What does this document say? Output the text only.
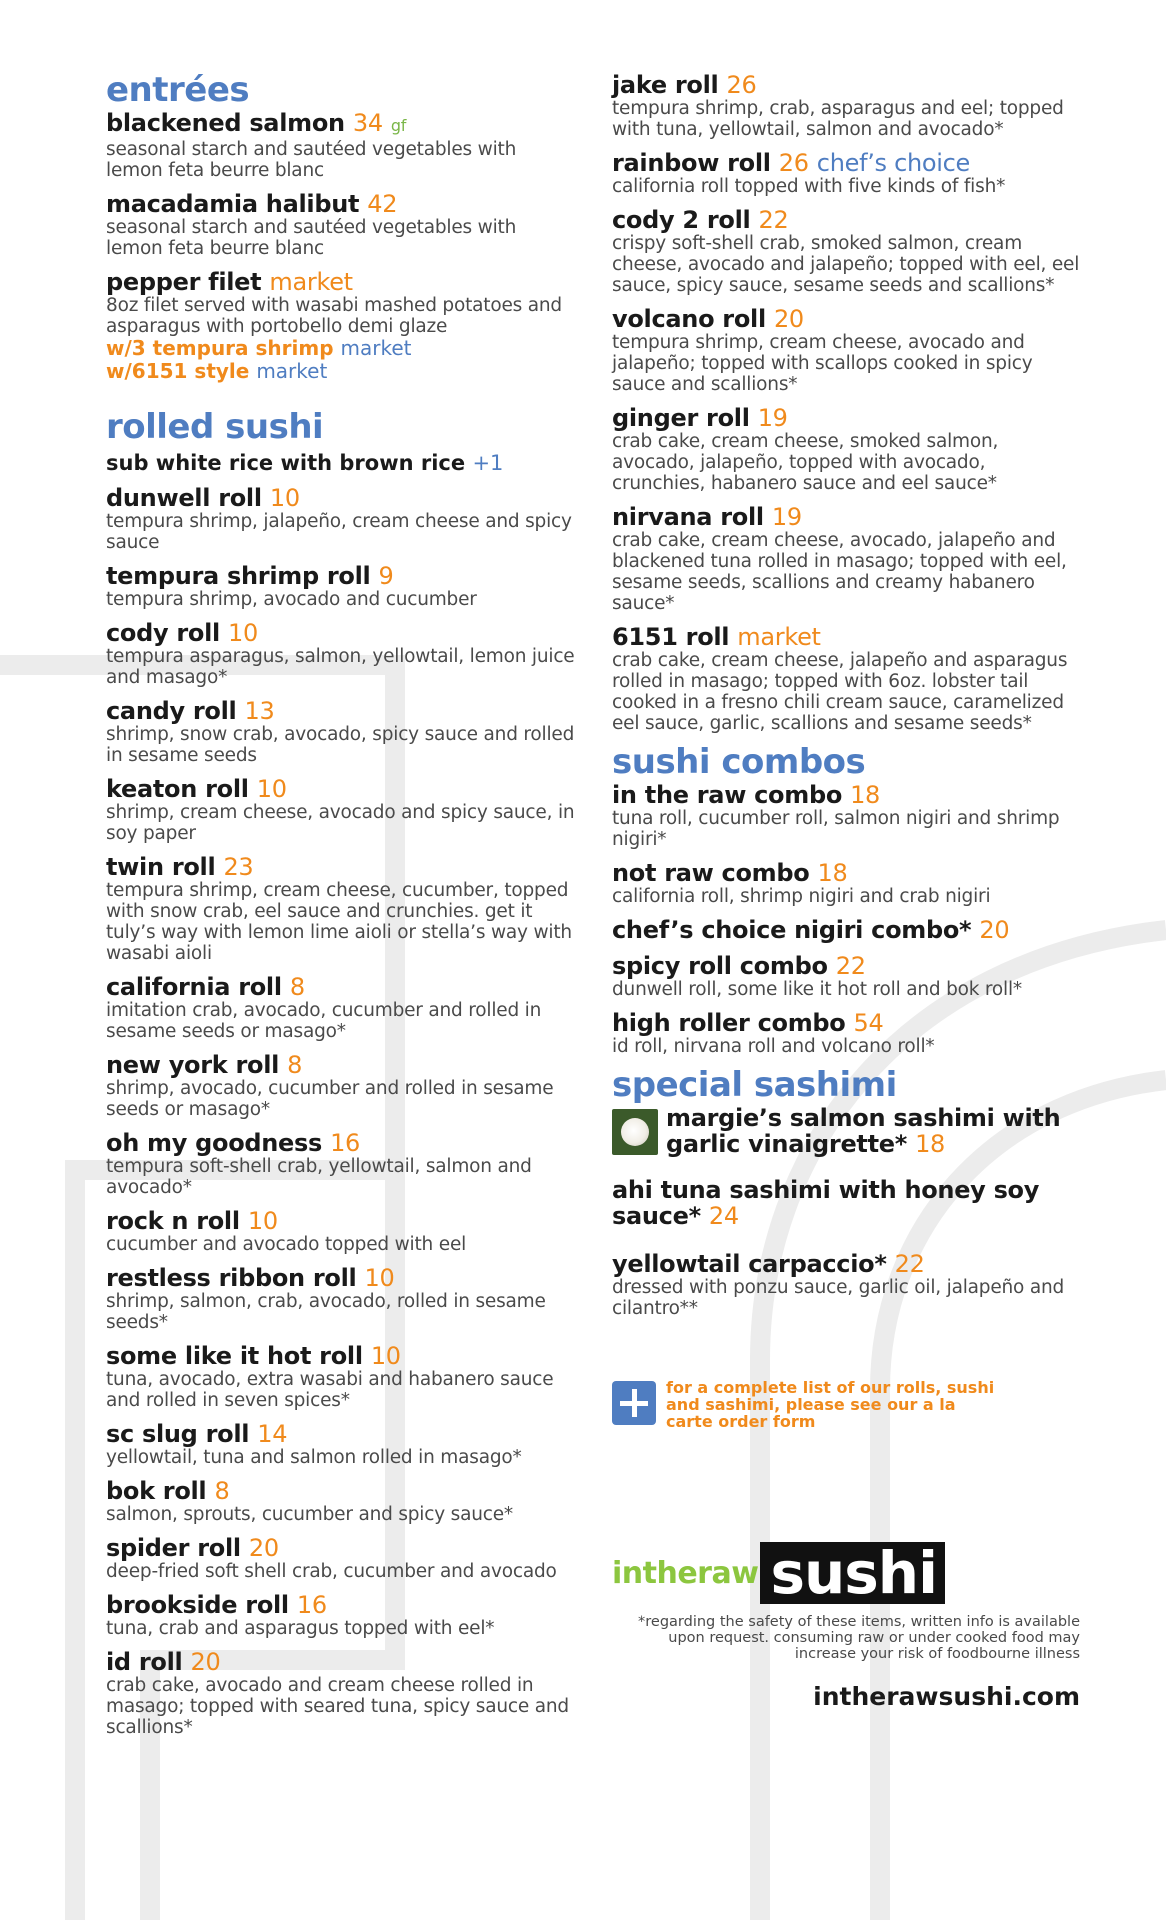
entrées
blackened salmon 34 gf
seasonal starch and sautéed vegetables with lemon feta beurre blanc
macadamia halibut 42
seasonal starch and sautéed vegetables with lemon feta beurre blanc
pepper filet market
8oz filet served with wasabi mashed potatoes and asparagus with portobello demi glaze
w/3 tempura shrimp market
w/6151 style market
rolled sushi
sub white rice with brown rice +1
dunwell roll 10
tempura shrimp, jalapeño, cream cheese and spicy sauce
tempura shrimp roll 9
tempura shrimp, avocado and cucumber
cody roll 10
tempura asparagus, salmon, yellowtail, lemon juice and masago*
candy roll 13
shrimp, snow crab, avocado, spicy sauce and rolled in sesame seeds
keaton roll 10
shrimp, cream cheese, avocado and spicy sauce, in soy paper
twin roll 23
tempura shrimp, cream cheese, cucumber, topped with snow crab, eel sauce and crunchies. get it tuly’s way with lemon lime aioli or stella’s way with wasabi aioli
california roll 8
imitation crab, avocado, cucumber and rolled in sesame seeds or masago*
new york roll 8
shrimp, avocado, cucumber and rolled in sesame seeds or masago*
oh my goodness 16
tempura soft-shell crab, yellowtail, salmon and avocado*
rock n roll 10
cucumber and avocado topped with eel
restless ribbon roll 10
shrimp, salmon, crab, avocado, rolled in sesame seeds*
some like it hot roll 10
tuna, avocado, extra wasabi and habanero sauce and rolled in seven spices*
sc slug roll 14
yellowtail, tuna and salmon rolled in masago*
bok roll 8
salmon, sprouts, cucumber and spicy sauce*
spider roll 20
deep-fried soft shell crab, cucumber and avocado
brookside roll 16
tuna, crab and asparagus topped with eel*
id roll 20
crab cake, avocado and cream cheese rolled in masago; topped with seared tuna, spicy sauce and scallions*
jake roll 26
tempura shrimp, crab, asparagus and eel; topped with tuna, yellowtail, salmon and avocado*
rainbow roll 26 chef’s choice
california roll topped with five kinds of fish*
cody 2 roll 22
crispy soft-shell crab, smoked salmon, cream cheese, avocado and jalapeño; topped with eel, eel sauce, spicy sauce, sesame seeds and scallions*
volcano roll 20
tempura shrimp, cream cheese, avocado and jalapeño; topped with scallops cooked in spicy sauce and scallions*
ginger roll 19
crab cake, cream cheese, smoked salmon, avocado, jalapeño, topped with avocado, crunchies, habanero sauce and eel sauce*
nirvana roll 19
crab cake, cream cheese, avocado, jalapeño and blackened tuna rolled in masago; topped with eel, sesame seeds, scallions and creamy habanero sauce*
6151 roll market
crab cake, cream cheese, jalapeño and asparagus rolled in masago; topped with 6oz. lobster tail cooked in a fresno chili cream sauce, caramelized eel sauce, garlic, scallions and sesame seeds*
sushi combos
in the raw combo 18
tuna roll, cucumber roll, salmon nigiri and shrimp nigiri*
not raw combo 18
california roll, shrimp nigiri and crab nigiri
chef’s choice nigiri combo* 20
spicy roll combo 22
dunwell roll, some like it hot roll and bok roll*
high roller combo 54
id roll, nirvana roll and volcano roll*
special sashimi
margie’s salmon sashimi with garlic vinaigrette* 18
ahi tuna sashimi with honey soy sauce* 24
yellowtail carpaccio* 22
dressed with ponzu sauce, garlic oil, jalapeño and cilantro**
for a complete list of our rolls, sushi and sashimi, please see our a la carte order form
intheraw sushi
*regarding the safety of these items, written info is available upon request. consuming raw or under cooked food may increase your risk of foodbourne illness
intherawsushi.com
